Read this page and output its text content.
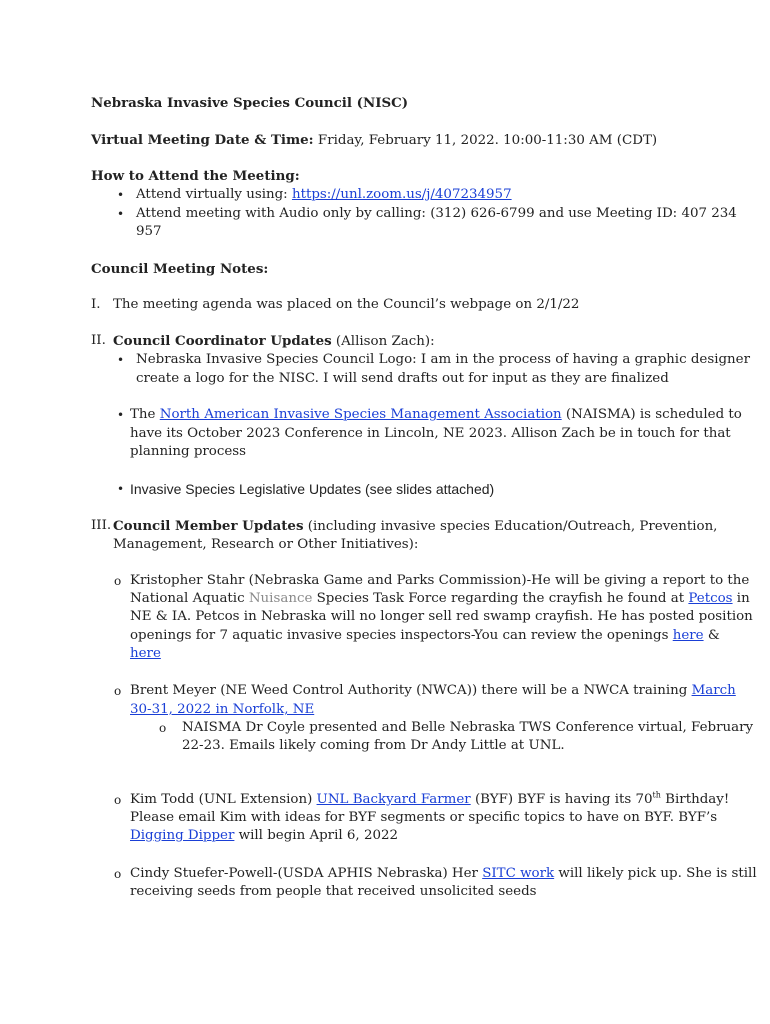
Nebraska Invasive Species Council (NISC)
Virtual Meeting Date & Time: Friday, February 11, 2022. 10:00-11:30 AM (CDT)
How to Attend the Meeting:
• Attend virtually using: https://unl.zoom.us/j/407234957
• Attend meeting with Audio only by calling: (312) 626-6799 and use Meeting ID: 407 234
957
Council Meeting Notes:
I. The meeting agenda was placed on the Council’s webpage on 2/1/22
II. Council Coordinator Updates (Allison Zach):
• Nebraska Invasive Species Council Logo: I am in the process of having a graphic designer
create a logo for the NISC. I will send drafts out for input as they are finalized
• The North American Invasive Species Management Association (NAISMA) is scheduled to
have its October 2023 Conference in Lincoln, NE 2023. Allison Zach be in touch for that
planning process
• Invasive Species Legislative Updates (see slides attached)
III. Council Member Updates (including invasive species Education/Outreach, Prevention,
Management, Research or Other Initiatives):
o Kristopher Stahr (Nebraska Game and Parks Commission)-He will be giving a report to the
National Aquatic Nuisance Species Task Force regarding the crayfish he found at Petcos in
NE & IA. Petcos in Nebraska will no longer sell red swamp crayfish. He has posted position
openings for 7 aquatic invasive species inspectors-You can review the openings here &
here
o Brent Meyer (NE Weed Control Authority (NWCA)) there will be a NWCA training March
30-31, 2022 in Norfolk, NE
o NAISMA Dr Coyle presented and Belle Nebraska TWS Conference virtual, February
22-23. Emails likely coming from Dr Andy Little at UNL.
o Kim Todd (UNL Extension) UNL Backyard Farmer (BYF) BYF is having its 70th Birthday!
Please email Kim with ideas for BYF segments or specific topics to have on BYF. BYF’s
Digging Dipper will begin April 6, 2022
o Cindy Stuefer-Powell-(USDA APHIS Nebraska) Her SITC work will likely pick up. She is still
receiving seeds from people that received unsolicited seeds
